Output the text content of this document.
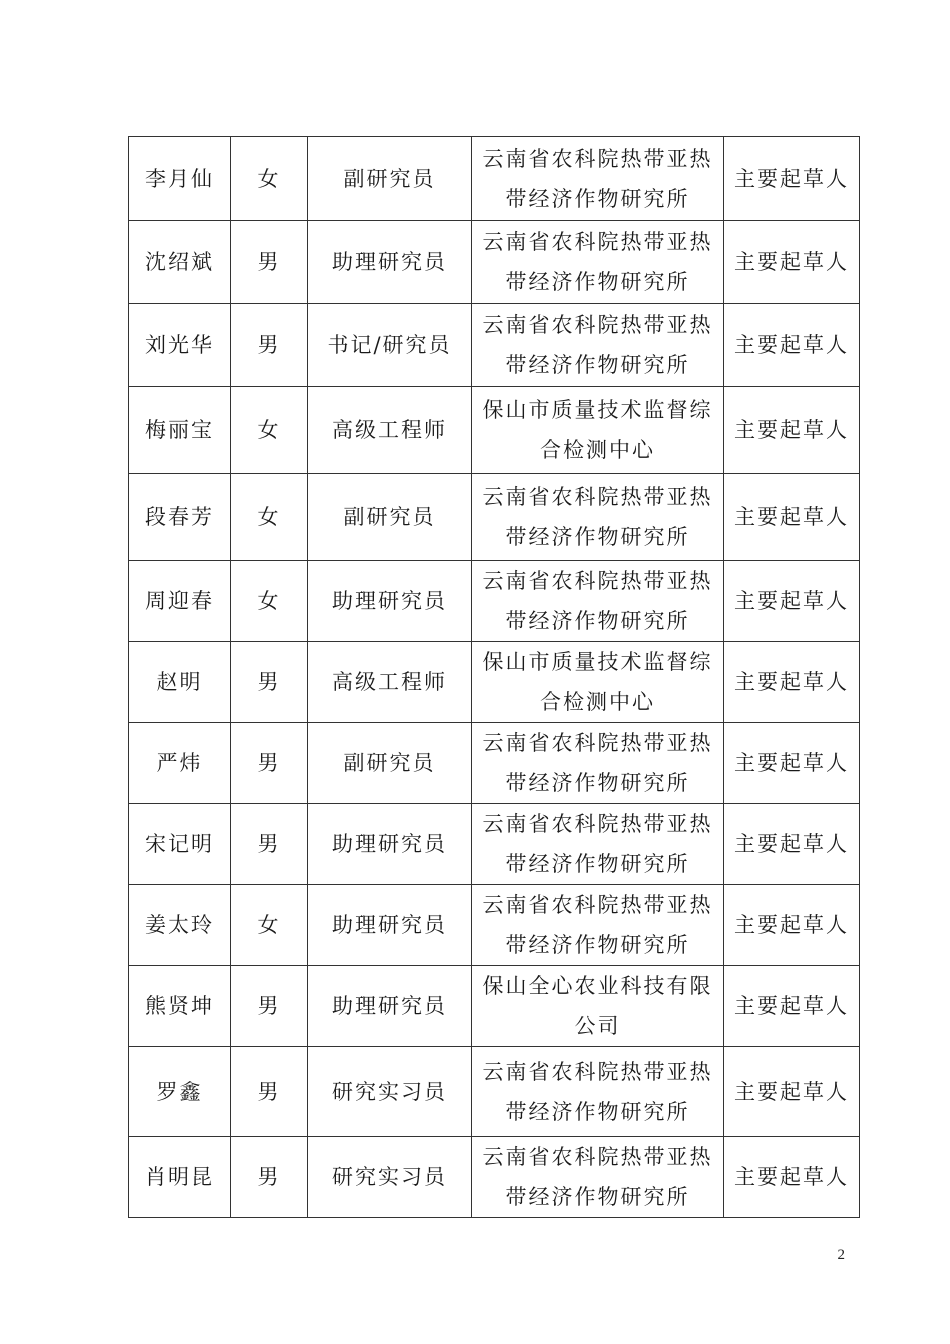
李月仙	女	副研究员	云南省农科院热带亚热带经济作物研究所	主要起草人
沈绍斌	男	助理研究员	云南省农科院热带亚热带经济作物研究所	主要起草人
刘光华	男	书记/研究员	云南省农科院热带亚热带经济作物研究所	主要起草人
梅丽宝	女	高级工程师	保山市质量技术监督综合检测中心	主要起草人
段春芳	女	副研究员	云南省农科院热带亚热带经济作物研究所	主要起草人
周迎春	女	助理研究员	云南省农科院热带亚热带经济作物研究所	主要起草人
赵明	男	高级工程师	保山市质量技术监督综合检测中心	主要起草人
严炜	男	副研究员	云南省农科院热带亚热带经济作物研究所	主要起草人
宋记明	男	助理研究员	云南省农科院热带亚热带经济作物研究所	主要起草人
姜太玲	女	助理研究员	云南省农科院热带亚热带经济作物研究所	主要起草人
熊贤坤	男	助理研究员	保山全心农业科技有限公司	主要起草人
罗鑫	男	研究实习员	云南省农科院热带亚热带经济作物研究所	主要起草人
肖明昆	男	研究实习员	云南省农科院热带亚热带经济作物研究所	主要起草人
2
